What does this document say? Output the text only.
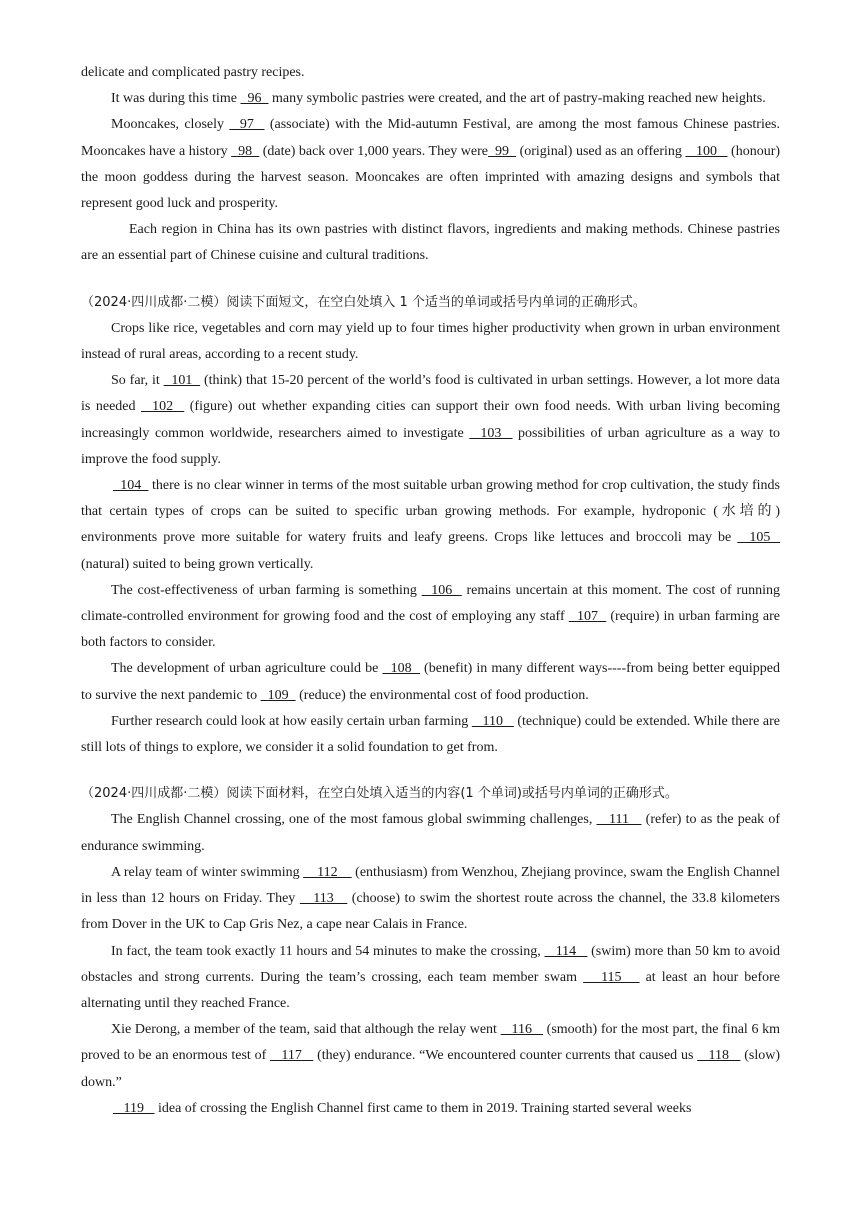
delicate and complicated pastry recipes.

It was during this time   96   many symbolic pastries were created, and the art of pastry-making reached new heights.

Mooncakes, closely   97   (associate) with the Mid-autumn Festival, are among the most famous Chinese pastries. Mooncakes have a history   98   (date) back over 1,000 years. They were  99   (original) used as an offering    100    (honour) the moon goddess during the harvest season. Mooncakes are often imprinted with amazing designs and symbols that represent good luck and prosperity.

Each region in China has its own pastries with distinct flavors, ingredients and making methods. Chinese pastries are an essential part of Chinese cuisine and cultural traditions.

（2024·四川成都·二模）阅读下面短文，在空白处填入 1 个适当的单词或括号内单词的正确形式。

Crops like rice, vegetables and corn may yield up to four times higher productivity when grown in urban environment instead of rural areas, according to a recent study.

So far, it   101   (think) that 15-20 percent of the world’s food is cultivated in urban settings. However, a lot more data is needed   102   (figure) out whether expanding cities can support their own food needs. With urban living becoming increasingly common worldwide, researchers aimed to investigate   103   possibilities of urban agriculture as a way to improve the food supply.

104   there is no clear winner in terms of the most suitable urban growing method for crop cultivation, the study finds that certain types of crops can be suited to specific urban growing methods. For example, hydroponic (水培的) environments prove more suitable for watery fruits and leafy greens. Crops like lettuces and broccoli may be   105   (natural) suited to being grown vertically.

The cost-effectiveness of urban farming is something   106   remains uncertain at this moment. The cost of running climate-controlled environment for growing food and the cost of employing any staff   107   (require) in urban farming are both factors to consider.

The development of urban agriculture could be   108   (benefit) in many different ways----from being better equipped to survive the next pandemic to   109   (reduce) the environmental cost of food production.

Further research could look at how easily certain urban farming    110    (technique) could be extended. While there are still lots of things to explore, we consider it a solid foundation to get from.

（2024·四川成都·二模）阅读下面材料，在空白处填入适当的内容(1 个单词)或括号内单词的正确形式。

The English Channel crossing, one of the most famous global swimming challenges,    111    (refer) to as the peak of endurance swimming.

A relay team of winter swimming     112     (enthusiasm) from Wenzhou, Zhejiang province, swam the English Channel in less than 12 hours on Friday. They    113    (choose) to swim the shortest route across the channel, the 33.8 kilometers from Dover in the UK to Cap Gris Nez, a cape near Calais in France.

In fact, the team took exactly 11 hours and 54 minutes to make the crossing,    114    (swim) more than 50 km to avoid obstacles and strong currents. During the team’s crossing, each team member swam    115    at least an hour before alternating until they reached France.

Xie Derong, a member of the team, said that although the relay went    116    (smooth) for the most part, the final 6 km proved to be an enormous test of    117    (they) endurance. “We encountered counter currents that caused us    118    (slow) down.”

119    idea of crossing the English Channel first came to them in 2019. Training started several weeks
